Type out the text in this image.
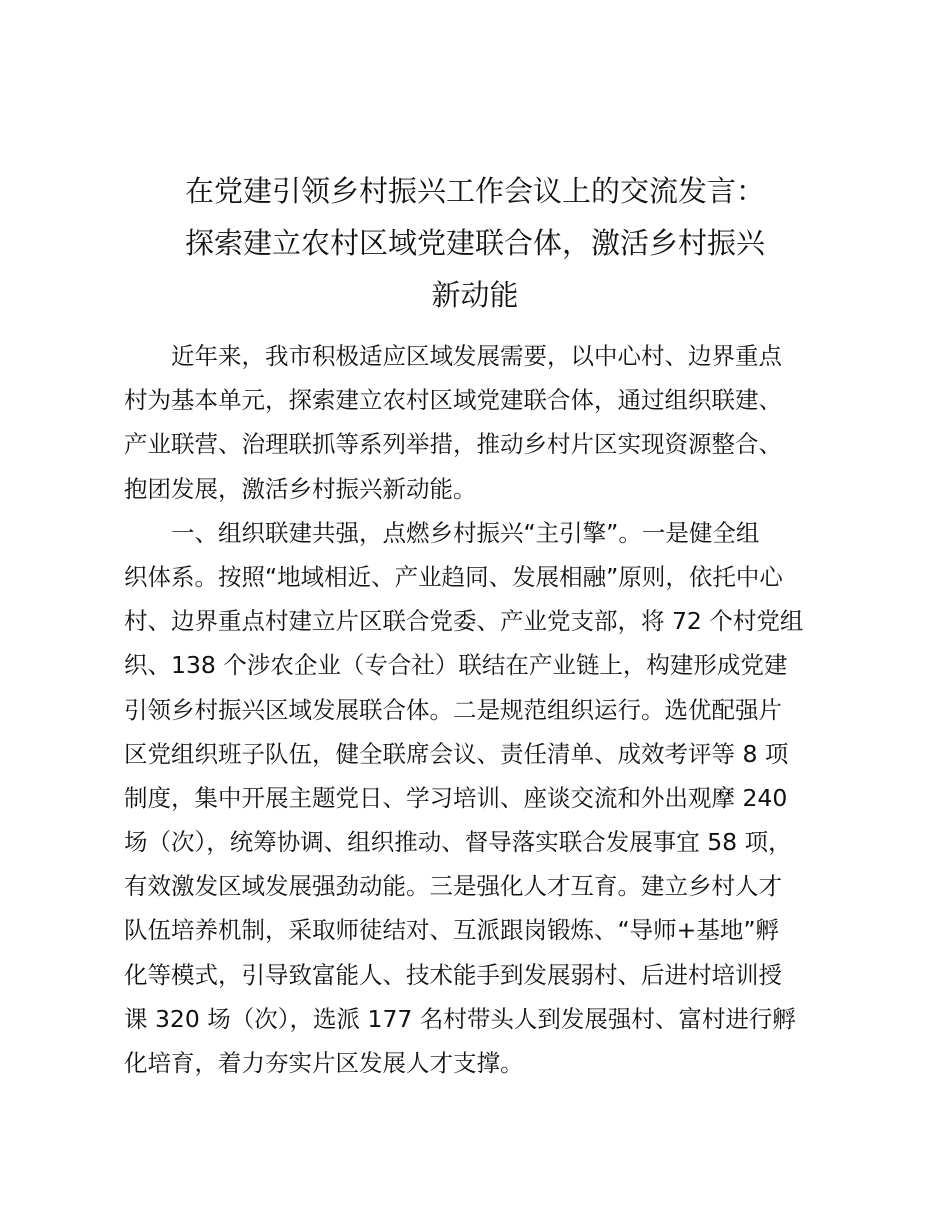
在党建引领乡村振兴工作会议上的交流发言：
探索建立农村区域党建联合体，激活乡村振兴
新动能
近年来，我市积极适应区域发展需要，以中心村、边界重点
村为基本单元，探索建立农村区域党建联合体，通过组织联建、
产业联营、治理联抓等系列举措，推动乡村片区实现资源整合、
抱团发展，激活乡村振兴新动能。
一、组织联建共强，点燃乡村振兴“主引擎”。一是健全组
织体系。按照“地域相近、产业趋同、发展相融”原则，依托中心
村、边界重点村建立片区联合党委、产业党支部，将 72 个村党组
织、138 个涉农企业（专合社）联结在产业链上，构建形成党建
引领乡村振兴区域发展联合体。二是规范组织运行。选优配强片
区党组织班子队伍，健全联席会议、责任清单、成效考评等 8 项
制度，集中开展主题党日、学习培训、座谈交流和外出观摩 240
场（次），统筹协调、组织推动、督导落实联合发展事宜 58 项，
有效激发区域发展强劲动能。三是强化人才互育。建立乡村人才
队伍培养机制，采取师徒结对、互派跟岗锻炼、“导师+基地”孵
化等模式，引导致富能人、技术能手到发展弱村、后进村培训授
课 320 场（次），选派 177 名村带头人到发展强村、富村进行孵
化培育，着力夯实片区发展人才支撑。
